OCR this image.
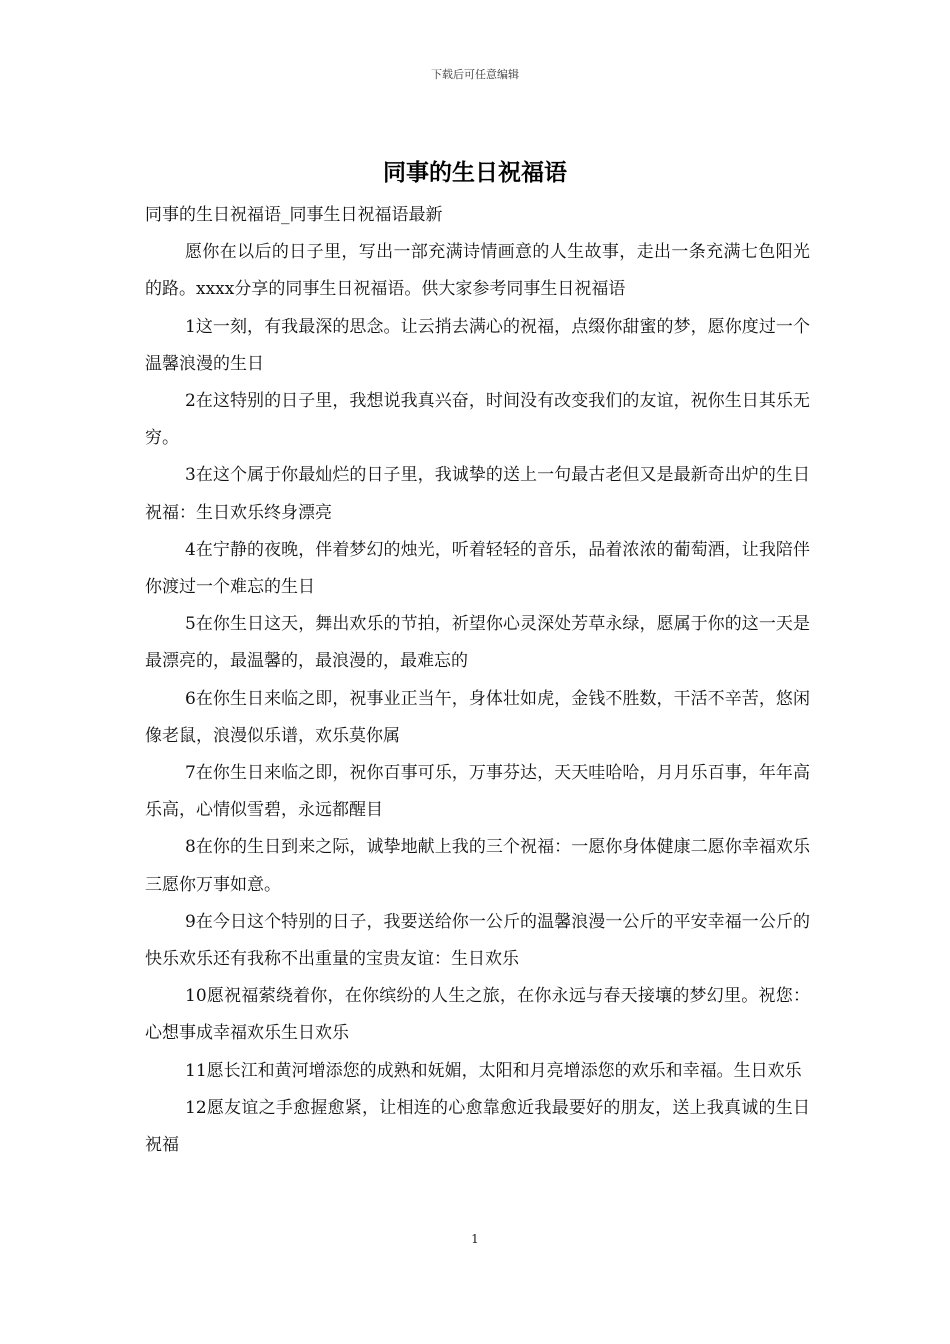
下载后可任意编辑
同事的生日祝福语

同事的生日祝福语_同事生日祝福语最新

愿你在以后的日子里，写出一部充满诗情画意的人生故事，走出一条充满七色阳光的路。xxxx分享的同事生日祝福语。供大家参考同事生日祝福语

1这一刻，有我最深的思念。让云捎去满心的祝福，点缀你甜蜜的梦，愿你度过一个温馨浪漫的生日

2在这特别的日子里，我想说我真兴奋，时间没有改变我们的友谊，祝你生日其乐无穷。

3在这个属于你最灿烂的日子里，我诚挚的送上一句最古老但又是最新奇出炉的生日祝福：生日欢乐终身漂亮

4在宁静的夜晚，伴着梦幻的烛光，听着轻轻的音乐，品着浓浓的葡萄酒，让我陪伴你渡过一个难忘的生日

5在你生日这天，舞出欢乐的节拍，祈望你心灵深处芳草永绿，愿属于你的这一天是最漂亮的，最温馨的，最浪漫的，最难忘的

6在你生日来临之即，祝事业正当午，身体壮如虎，金钱不胜数，干活不辛苦，悠闲像老鼠，浪漫似乐谱，欢乐莫你属

7在你生日来临之即，祝你百事可乐，万事芬达，天天哇哈哈，月月乐百事，年年高乐高，心情似雪碧，永远都醒目

8在你的生日到来之际，诚挚地献上我的三个祝福：一愿你身体健康二愿你幸福欢乐三愿你万事如意。

9在今日这个特别的日子，我要送给你一公斤的温馨浪漫一公斤的平安幸福一公斤的快乐欢乐还有我称不出重量的宝贵友谊：生日欢乐

10愿祝福萦绕着你，在你缤纷的人生之旅，在你永远与春天接壤的梦幻里。祝您：心想事成幸福欢乐生日欢乐

11愿长江和黄河增添您的成熟和妩媚，太阳和月亮增添您的欢乐和幸福。生日欢乐

12愿友谊之手愈握愈紧，让相连的心愈靠愈近我最要好的朋友，送上我真诚的生日祝福

1
